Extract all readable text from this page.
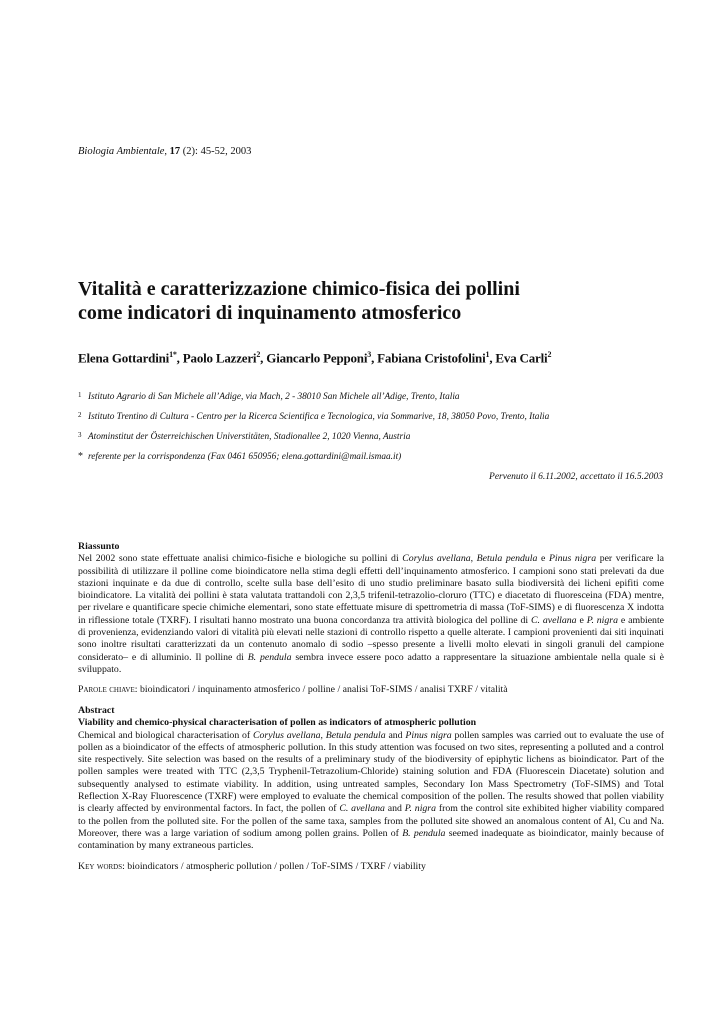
Biologia Ambientale, 17 (2): 45-52, 2003
Vitalità e caratterizzazione chimico-fisica dei pollini
come indicatori di inquinamento atmosferico
Elena Gottardini$^{1*}$, Paolo Lazzeri$^2$, Giancarlo Pepponi$^3$, Fabiana Cristofolini$^1$, Eva Carli$^2$
1 Istituto Agrario di San Michele all’Adige, via Mach, 2 - 38010 San Michele all’Adige, Trento, Italia
2 Istituto Trentino di Cultura - Centro per la Ricerca Scientifica e Tecnologica, via Sommarive, 18, 38050 Povo, Trento, Italia
3 Atominstitut der Österreichischen Universtitäten, Stadionallee 2, 1020 Vienna, Austria
* referente per la corrispondenza (Fax 0461 650956; elena.gottardini@mail.ismaa.it)
Pervenuto il 6.11.2002, accettato il 16.5.2003
Riassunto
Nel 2002 sono state effettuate analisi chimico-fisiche e biologiche su pollini di Corylus avellana, Betula pendula e Pinus nigra per verificare la possibilità di utilizzare il polline come bioindicatore nella stima degli effetti dell’inquinamento atmosferico. I campioni sono stati prelevati da due stazioni inquinate e da due di controllo, scelte sulla base dell’esito di uno studio preliminare basato sulla biodiversità dei licheni epifiti come bioindicatore. La vitalità dei pollini è stata valutata trattandoli con 2,3,5 trifenil-tetrazolio-cloruro (TTC) e diacetato di fluoresceina (FDA) mentre, per rivelare e quantificare specie chimiche elementari, sono state effettuate misure di spettrometria di massa (ToF-SIMS) e di fluorescenza X indotta in riflessione totale (TXRF). I risultati hanno mostrato una buona concordanza tra attività biologica del polline di C. avellana e P. nigra e ambiente di provenienza, evidenziando valori di vitalità più elevati nelle stazioni di controllo rispetto a quelle alterate. I campioni provenienti dai siti inquinati sono inoltre risultati caratterizzati da un contenuto anomalo di sodio –spesso presente a livelli molto elevati in singoli granuli del campione considerato– e di alluminio. Il polline di B. pendula sembra invece essere poco adatto a rappresentare la situazione ambientale nella quale si è sviluppato.
Parole chiave: bioindicatori / inquinamento atmosferico / polline / analisi ToF-SIMS / analisi TXRF / vitalità
Abstract
Viability and chemico-physical characterisation of pollen as indicators of atmospheric pollution
Chemical and biological characterisation of Corylus avellana, Betula pendula and Pinus nigra pollen samples was carried out to evaluate the use of pollen as a bioindicator of the effects of atmospheric pollution. In this study attention was focused on two sites, representing a polluted and a control site respectively. Site selection was based on the results of a preliminary study of the biodiversity of epiphytic lichens as bioindicator. Part of the pollen samples were treated with TTC (2,3,5 Tryphenil-Tetrazolium-Chloride) staining solution and FDA (Fluorescein Diacetate) solution and subsequently analysed to estimate viability. In addition, using untreated samples, Secondary Ion Mass Spectrometry (ToF-SIMS) and Total Reflection X-Ray Fluorescence (TXRF) were employed to evaluate the chemical composition of the pollen. The results showed that pollen viability is clearly affected by environmental factors. In fact, the pollen of C. avellana and P. nigra from the control site exhibited higher viability compared to the pollen from the polluted site. For the pollen of the same taxa, samples from the polluted site showed an anomalous content of Al, Cu and Na. Moreover, there was a large variation of sodium among pollen grains. Pollen of B. pendula seemed inadequate as bioindicator, mainly because of contamination by many extraneous particles.
Key words: bioindicators / atmospheric pollution / pollen / ToF-SIMS / TXRF / viability
